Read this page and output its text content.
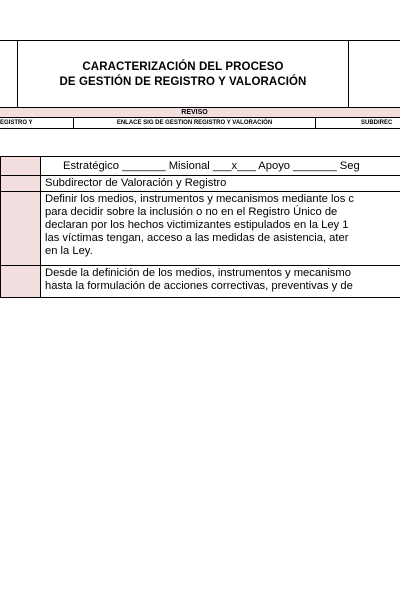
CARACTERIZACIÓN DEL PROCESO
DE GESTIÓN DE REGISTRO Y VALORACIÓN
REVISO
EGISTRO Y	ENLACE SIG DE GESTION REGISTRO Y VALORACIÓN	SUBDIREC

Estratégico _______ Misional ___x___ Apoyo _______ Seg

Subdirector de Valoración y Registro

Definir los medios, instrumentos y mecanismos mediante los c

para decidir sobre la inclusión o no en el Registro Único de

declaran por los hechos victimizantes estipulados en la Ley 1

las víctimas tengan, acceso a las medidas de asistencia, ater

en la Ley.

Desde la definición de los medios, instrumentos y mecanismo

hasta la formulación de acciones correctivas, preventivas y de
